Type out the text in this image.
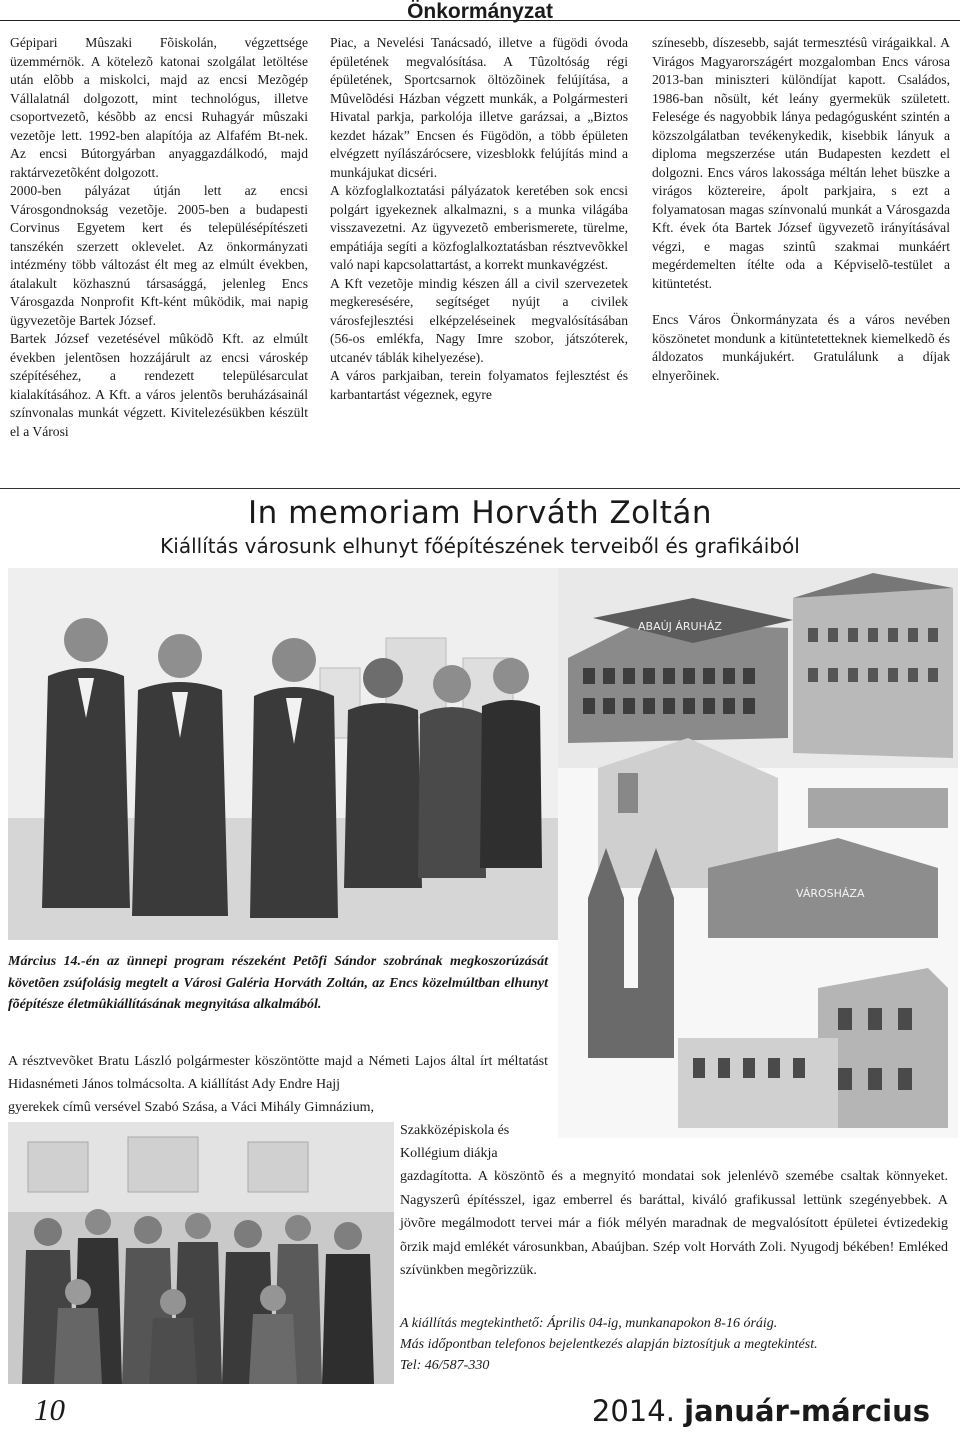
Önkormányzat

Gépipari Mûszaki Fõiskolán, végzettsége üzemmérnök. A kötelezõ katonai szolgálat letöltése után elõbb a miskolci, majd az encsi Mezõgép Vállalatnál dolgozott, mint technológus, illetve csoportvezetõ, késõbb az encsi Ruhagyár mûszaki vezetõje lett. 1992-ben alapítója az Alfafém Bt-nek. Az encsi Bútorgyárban anyaggazdálkodó, majd raktárvezetõként dolgozott.

2000-ben pályázat útján lett az encsi Városgondnokság vezetõje. 2005-ben a budapesti Corvinus Egyetem kert és településépítészeti tanszékén szerzett oklevelet. Az önkormányzati intézmény több változást élt meg az elmúlt években, átalakult közhasznú társasággá, jelenleg Encs Városgazda Nonprofit Kft-ként mûködik, mai napig ügyvezetõje Bartek József.

Bartek József vezetésével mûködõ Kft. az elmúlt években jelentõsen hozzájárult az encsi városkép szépítéséhez, a rendezett településarculat kialakításához. A Kft. a város jelentõs beruházásainál színvonalas munkát végzett. Kivitelezésükben készült el a Városi

Piac, a Nevelési Tanácsadó, illetve a fügödi óvoda épületének megvalósítása. A Tûzoltóság régi épületének, Sportcsarnok öltözõinek felújítása, a Mûvelõdési Házban végzett munkák, a Polgármesteri Hivatal parkja, parkolója illetve garázsai, a „Biztos kezdet házak” Encsen és Fügödön, a több épületen elvégzett nyílászárócsere, vizesblokk felújítás mind a munkájukat dicséri.

A közfoglalkoztatási pályázatok keretében sok encsi polgárt igyekeznek alkalmazni, s a munka világába visszavezetni. Az ügyvezetõ emberismerete, türelme, empátiája segíti a közfoglalkoztatásban résztvevõkkel való napi kapcsolattartást, a korrekt munkavégzést.

A Kft vezetõje mindig készen áll a civil szervezetek megkeresésére, segítséget nyújt a civilek városfejlesztési elképzeléseinek megvalósításában (56-os emlékfa, Nagy Imre szobor, játszóterek, utcanév táblák kihelyezése).

A város parkjaiban, terein folyamatos fejlesztést és karbantartást végeznek, egyre

színesebb, díszesebb, saját termesztésû virágaikkal. A Virágos Magyarországért mozgalomban Encs városa 2013-ban miniszteri különdíjat kapott. Családos, 1986-ban nõsült, két leány gyermekük született. Felesége és nagyobbik lánya pedagógusként szintén a közszolgálatban tevékenykedik, kisebbik lányuk a diploma megszerzése után Budapesten kezdett el dolgozni. Encs város lakossága méltán lehet büszke a virágos köztereire, ápolt parkjaira, s ezt a folyamatosan magas színvonalú munkát a Városgazda Kft. évek óta Bartek József ügyvezetõ irányításával végzi, e magas szintû szakmai munkáért megérdemelten ítélte oda a Képviselõ-testület a kitüntetést.

Encs Város Önkormányzata és a város nevében köszönetet mondunk a kitüntetetteknek kiemelkedõ és áldozatos munkájukért. Gratulálunk a díjak elnyerõinek.

In memoriam Horváth Zoltán
Kiállítás városunk elhunyt főépítészének terveiből és grafikáiból
ABAÚJ ÁRUHÁZ
VÁROSHÁZA
Március 14.-én az ünnepi program részeként Petõfi Sándor szobrának megkoszorúzását követõen zsúfolásig megtelt a Városi Galéria Horváth Zoltán, az Encs közelmúltban elhunyt fõépítésze életmûkiállításának megnyitása alkalmából.
A résztvevõket Bratu László polgármester köszöntötte majd a Németi Lajos által írt méltatást Hidasnémeti János tolmácsolta. A kiállítást Ady Endre Hajj
gyerekek címû versével Szabó Szása, a Váci Mihály Gimnázium,
Szakközépiskola és
Kollégium diákja
gazdagította. A köszöntõ és a megnyitó mondatai sok jelenlévõ szemébe csaltak könnyeket. Nagyszerû építésszel, igaz emberrel és baráttal, kiváló grafikussal lettünk szegényebbek. A jövõre megálmodott tervei már a fiók mélyén maradnak de megvalósított épületei évtizedekig õrzik majd emlékét városunkban, Abaújban. Szép volt Horváth Zoli. Nyugodj békében! Emléked szívünkben megõrizzük.
A kiállítás megtekinthető: Április 04-ig, munkanapokon 8-16 óráig.
Más időpontban telefonos bejelentkezés alapján biztosítjuk a megtekintést.
Tel: 46/587-330
10	2014. január-március
